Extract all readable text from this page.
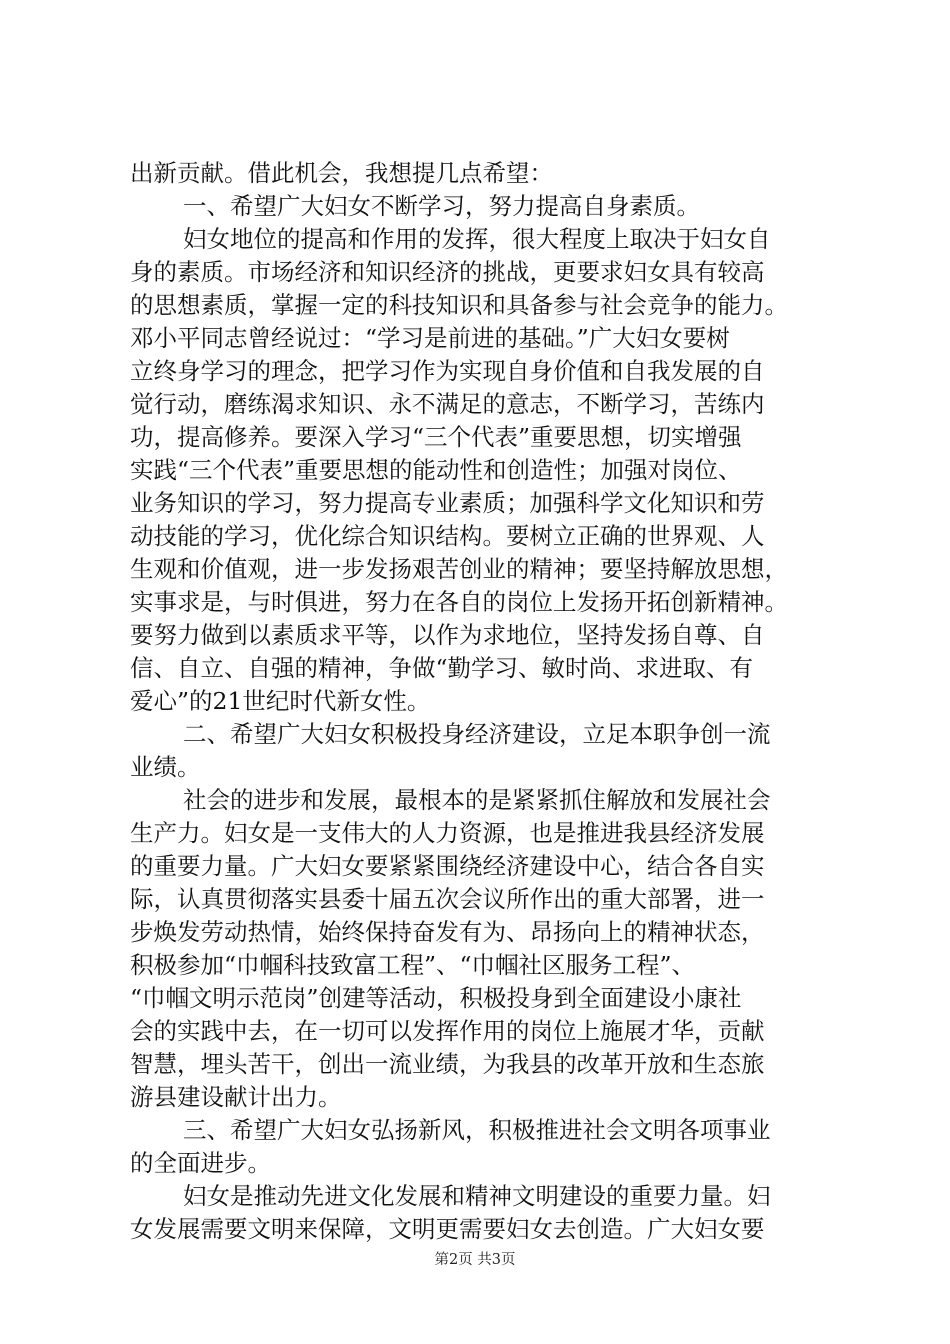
出新贡献。借此机会，我想提几点希望：
一、希望广大妇女不断学习，努力提高自身素质。
妇女地位的提高和作用的发挥，很大程度上取决于妇女自
身的素质。市场经济和知识经济的挑战，更要求妇女具有较高
的思想素质，掌握一定的科技知识和具备参与社会竞争的能力。
邓小平同志曾经说过：“学习是前进的基础。”广大妇女要树
立终身学习的理念，把学习作为实现自身价值和自我发展的自
觉行动，磨练渴求知识、永不满足的意志，不断学习，苦练内
功，提高修养。要深入学习“三个代表”重要思想，切实增强
实践“三个代表”重要思想的能动性和创造性；加强对岗位、
业务知识的学习，努力提高专业素质；加强科学文化知识和劳
动技能的学习，优化综合知识结构。要树立正确的世界观、人
生观和价值观，进一步发扬艰苦创业的精神；要坚持解放思想，
实事求是，与时俱进，努力在各自的岗位上发扬开拓创新精神。
要努力做到以素质求平等，以作为求地位，坚持发扬自尊、自
信、自立、自强的精神，争做“勤学习、敏时尚、求进取、有
爱心”的21世纪时代新女性。
二、希望广大妇女积极投身经济建设，立足本职争创一流
业绩。
社会的进步和发展，最根本的是紧紧抓住解放和发展社会
生产力。妇女是一支伟大的人力资源，也是推进我县经济发展
的重要力量。广大妇女要紧紧围绕经济建设中心，结合各自实
际，认真贯彻落实县委十届五次会议所作出的重大部署，进一
步焕发劳动热情，始终保持奋发有为、昂扬向上的精神状态，
积极参加“巾帼科技致富工程”、“巾帼社区服务工程”、
“巾帼文明示范岗”创建等活动，积极投身到全面建设小康社
会的实践中去，在一切可以发挥作用的岗位上施展才华，贡献
智慧，埋头苦干，创出一流业绩，为我县的改革开放和生态旅
游县建设献计出力。
三、希望广大妇女弘扬新风，积极推进社会文明各项事业
的全面进步。
妇女是推动先进文化发展和精神文明建设的重要力量。妇
女发展需要文明来保障，文明更需要妇女去创造。广大妇女要
第2页 共3页
